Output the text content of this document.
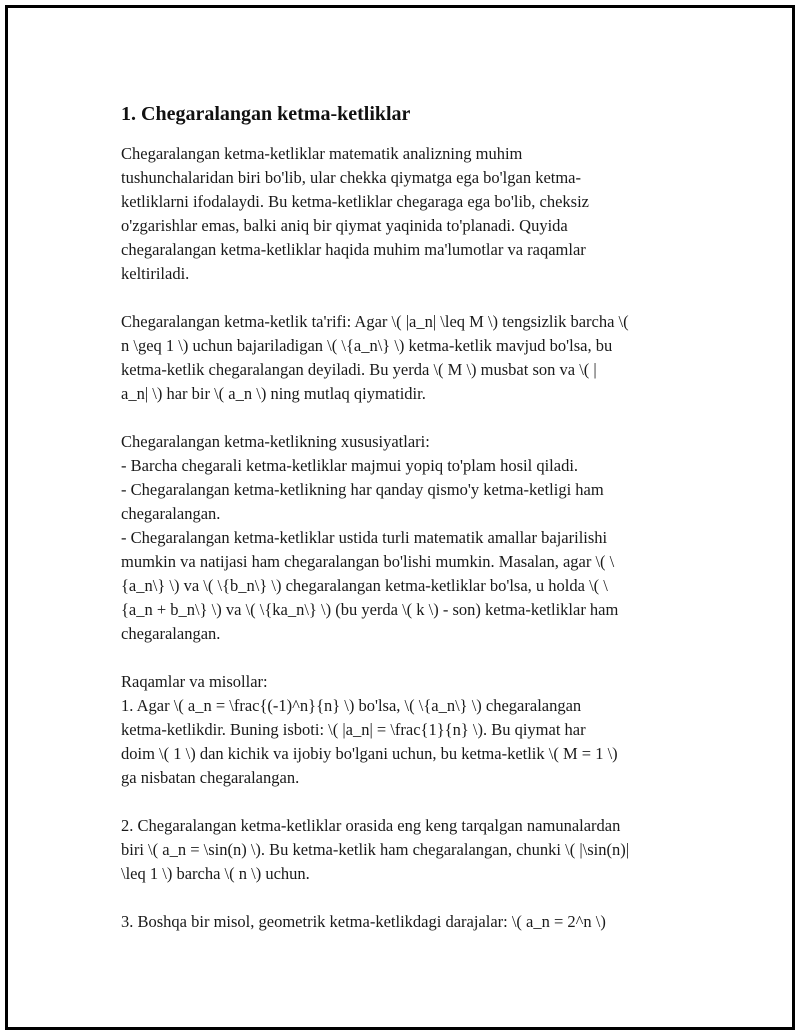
1. Chegaralangan ketma-ketliklar
Chegaralangan ketma-ketliklar matematik analizning muhim
tushunchalaridan biri bo'lib, ular chekka qiymatga ega bo'lgan ketma-
ketliklarni ifodalaydi. Bu ketma-ketliklar chegaraga ega bo'lib, cheksiz
o'zgarishlar emas, balki aniq bir qiymat yaqinida to'planadi. Quyida
chegaralangan ketma-ketliklar haqida muhim ma'lumotlar va raqamlar
keltiriladi.
Chegaralangan ketma-ketlik ta'rifi: Agar \( |a_n| \leq M \) tengsizlik barcha \(
n \geq 1 \) uchun bajariladigan \( \{a_n\} \) ketma-ketlik mavjud bo'lsa, bu
ketma-ketlik chegaralangan deyiladi. Bu yerda \( M \) musbat son va \( |
a_n| \) har bir \( a_n \) ning mutlaq qiymatidir.
Chegaralangan ketma-ketlikning xususiyatlari:
- Barcha chegarali ketma-ketliklar majmui yopiq to'plam hosil qiladi.
- Chegaralangan ketma-ketlikning har qanday qismo'y ketma-ketligi ham
chegaralangan.
- Chegaralangan ketma-ketliklar ustida turli matematik amallar bajarilishi
mumkin va natijasi ham chegaralangan bo'lishi mumkin. Masalan, agar \( \
{a_n\} \) va \( \{b_n\} \) chegaralangan ketma-ketliklar bo'lsa, u holda \( \
{a_n + b_n\} \) va \( \{ka_n\} \) (bu yerda \( k \) - son) ketma-ketliklar ham
chegaralangan.
Raqamlar va misollar:
1. Agar \( a_n = \frac{(-1)^n}{n} \) bo'lsa, \( \{a_n\} \) chegaralangan
ketma-ketlikdir. Buning isboti: \( |a_n| = \frac{1}{n} \). Bu qiymat har
doim \( 1 \) dan kichik va ijobiy bo'lgani uchun, bu ketma-ketlik \( M = 1 \)
ga nisbatan chegaralangan.
2. Chegaralangan ketma-ketliklar orasida eng keng tarqalgan namunalardan
biri \( a_n = \sin(n) \). Bu ketma-ketlik ham chegaralangan, chunki \( |\sin(n)|
\leq 1 \) barcha \( n \) uchun.
3. Boshqa bir misol, geometrik ketma-ketlikdagi darajalar: \( a_n = 2^n \)
